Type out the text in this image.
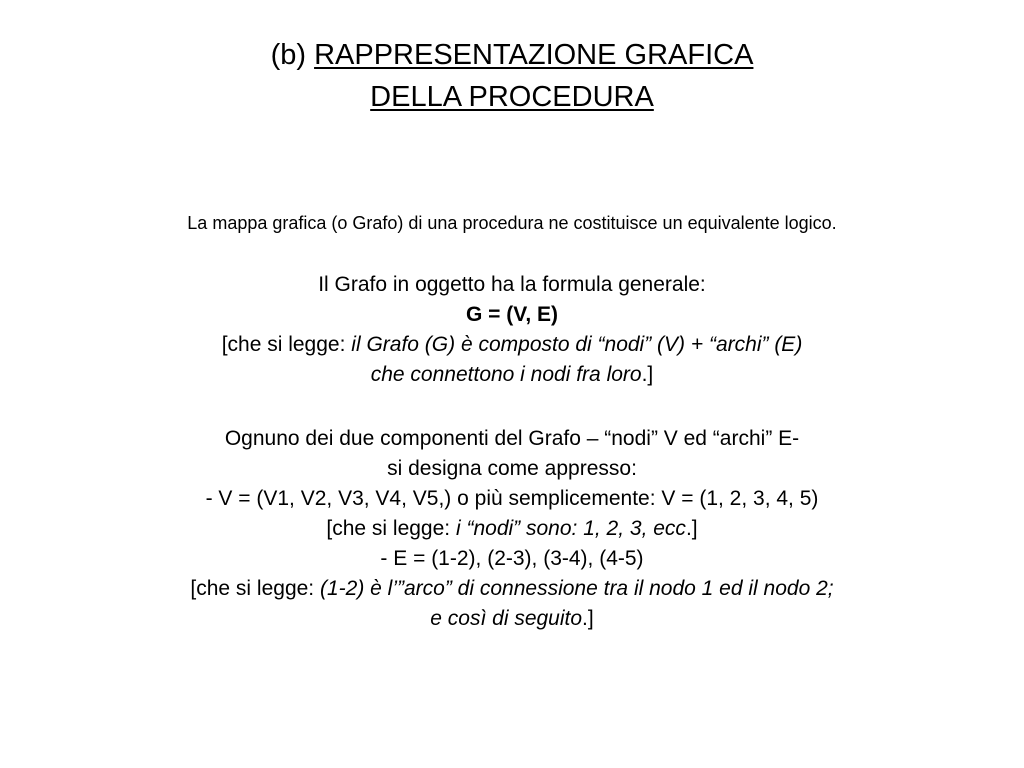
(b) RAPPRESENTAZIONE GRAFICA
DELLA PROCEDURA
La mappa grafica (o Grafo) di una procedura ne costituisce un equivalente logico.
Il Grafo in oggetto ha la formula generale:
G = (V, E)
[che si legge: il Grafo (G) è composto di “nodi” (V) + “archi” (E)
che connettono i nodi fra loro.]
Ognuno dei due componenti del Grafo – “nodi” V ed “archi” E-
si designa come appresso:
- V = (V1, V2, V3, V4, V5,) o più semplicemente: V = (1, 2, 3, 4, 5)
[che si legge: i “nodi” sono: 1, 2, 3, ecc.]
- E = (1-2), (2-3), (3-4), (4-5)
[che si legge: (1-2) è l’”arco” di connessione tra il nodo 1 ed il nodo 2;
e così di seguito.]
